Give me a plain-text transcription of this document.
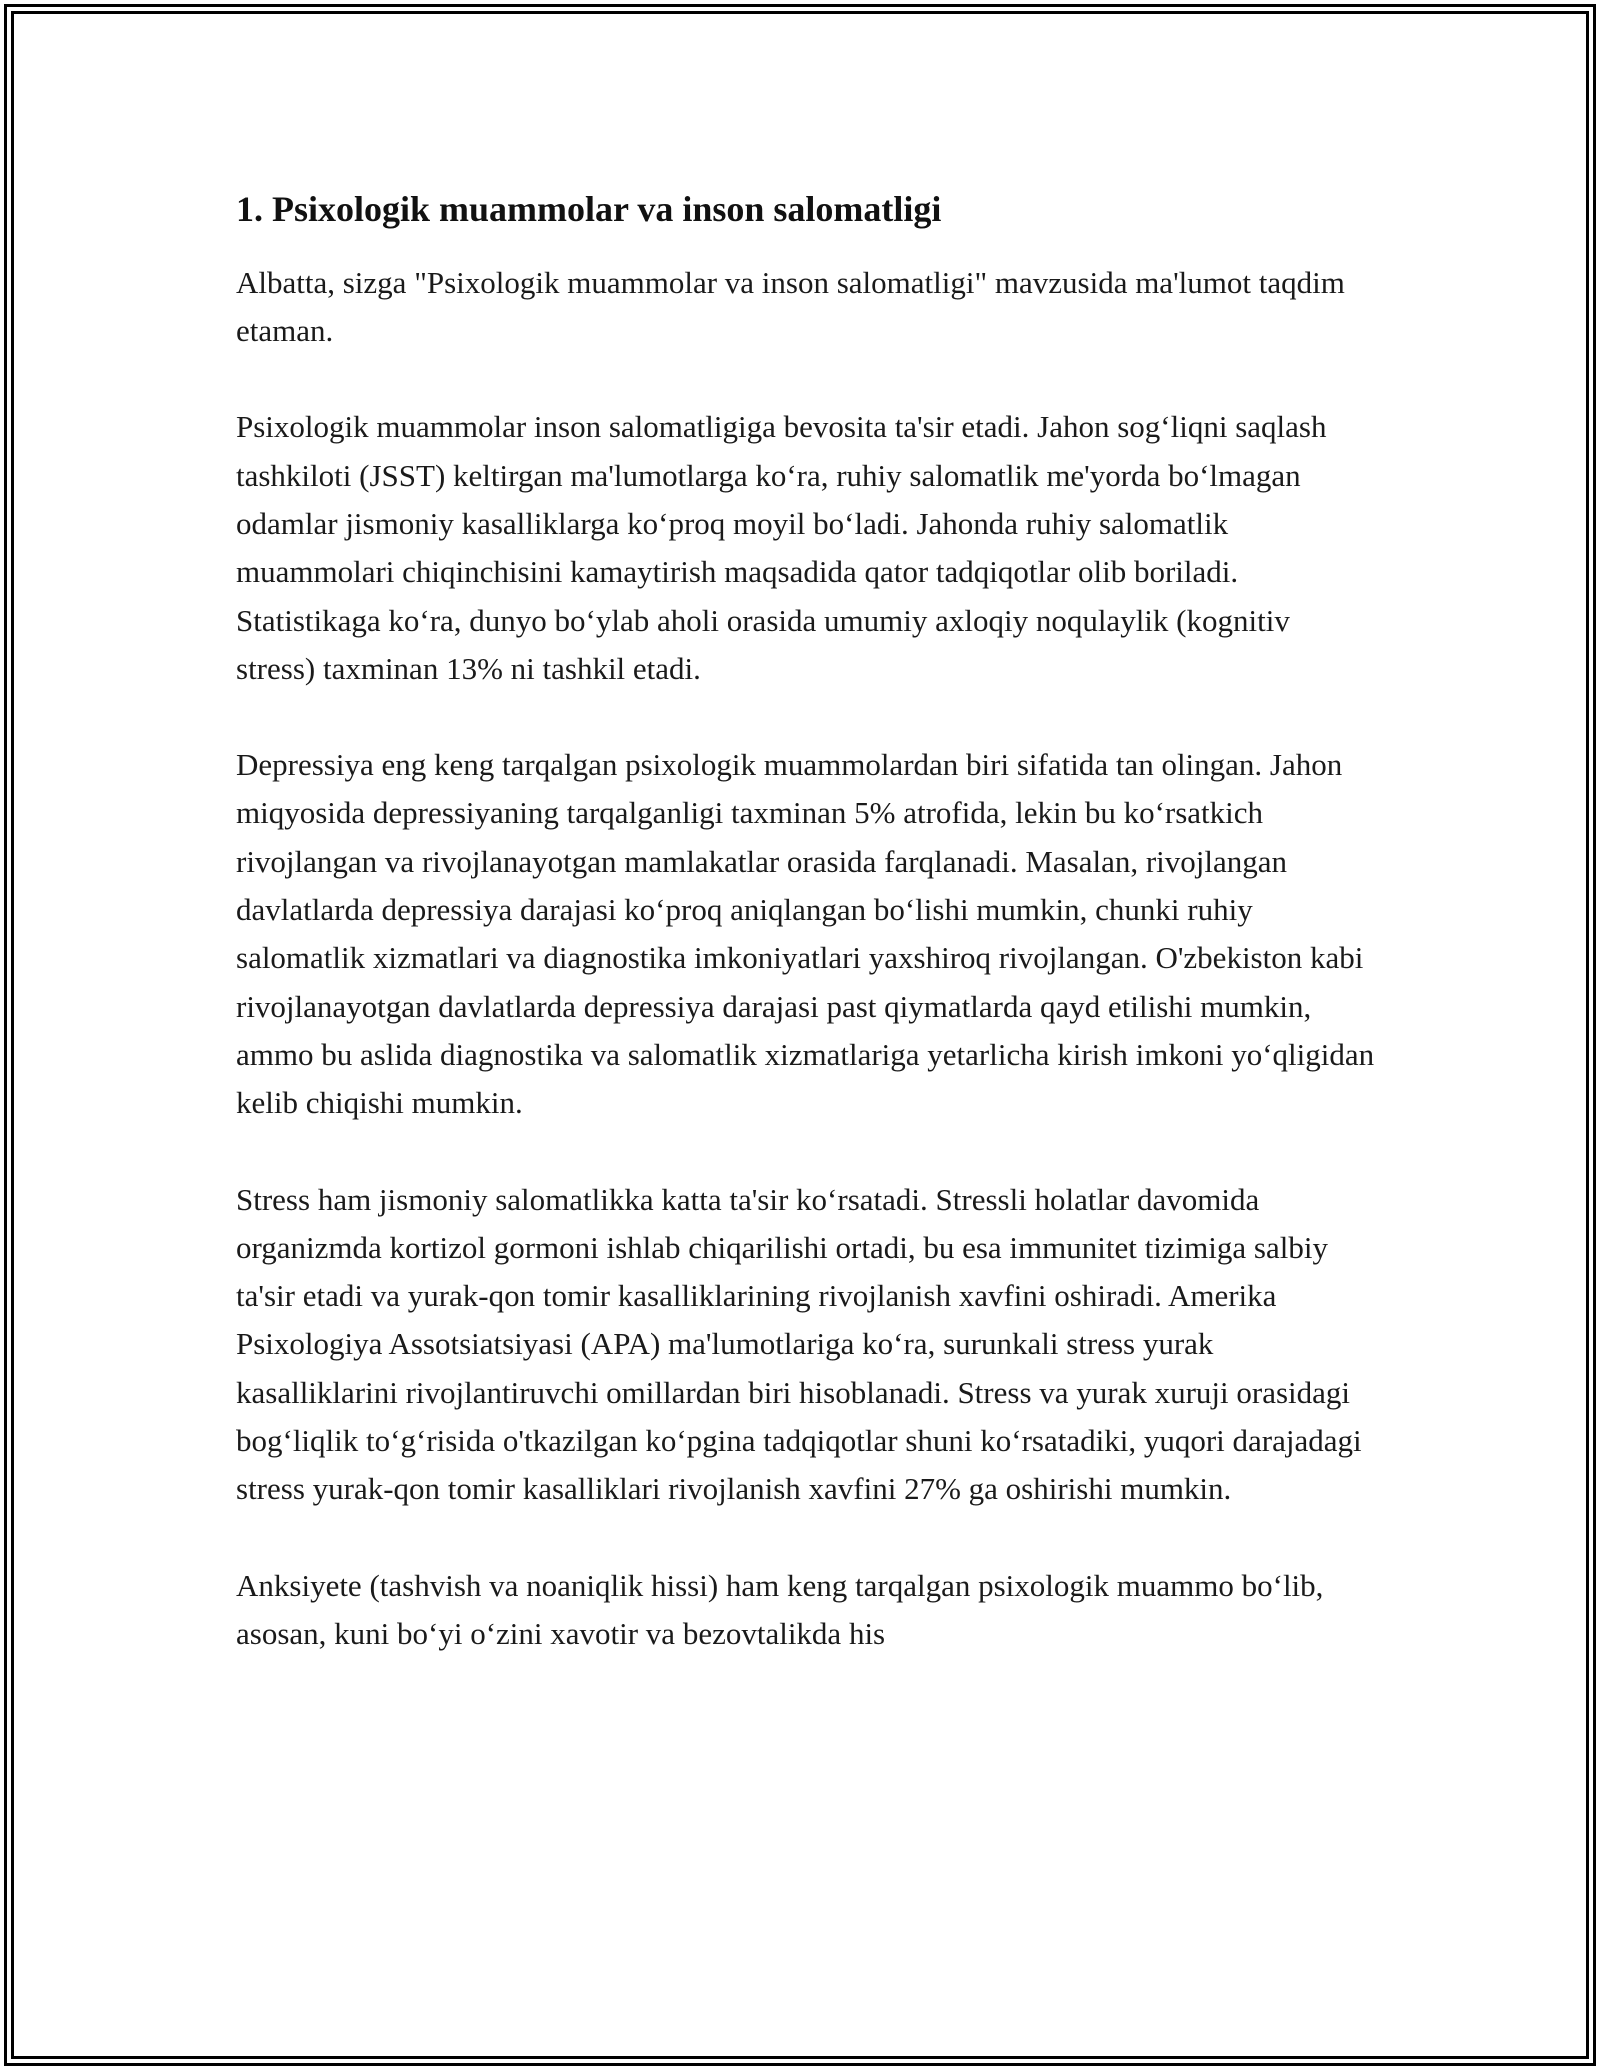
1. Psixologik muammolar va inson salomatligi

Albatta, sizga "Psixologik muammolar va inson salomatligi" mavzusida ma'lumot taqdim etaman.

Psixologik muammolar inson salomatligiga bevosita ta'sir etadi. Jahon sog‘liqni saqlash tashkiloti (JSST) keltirgan ma'lumotlarga ko‘ra, ruhiy salomatlik me'yorda bo‘lmagan odamlar jismoniy kasalliklarga ko‘proq moyil bo‘ladi. Jahonda ruhiy salomatlik muammolari chiqinchisini kamaytirish maqsadida qator tadqiqotlar olib boriladi. Statistikaga ko‘ra, dunyo bo‘ylab aholi orasida umumiy axloqiy noqulaylik (kognitiv stress) taxminan 13% ni tashkil etadi.

Depressiya eng keng tarqalgan psixologik muammolardan biri sifatida tan olingan. Jahon miqyosida depressiyaning tarqalganligi taxminan 5% atrofida, lekin bu ko‘rsatkich rivojlangan va rivojlanayotgan mamlakatlar orasida farqlanadi. Masalan, rivojlangan davlatlarda depressiya darajasi ko‘proq aniqlangan bo‘lishi mumkin, chunki ruhiy salomatlik xizmatlari va diagnostika imkoniyatlari yaxshiroq rivojlangan. O'zbekiston kabi rivojlanayotgan davlatlarda depressiya darajasi past qiymatlarda qayd etilishi mumkin, ammo bu aslida diagnostika va salomatlik xizmatlariga yetarlicha kirish imkoni yo‘qligidan kelib chiqishi mumkin.

Stress ham jismoniy salomatlikka katta ta'sir ko‘rsatadi. Stressli holatlar davomida organizmda kortizol gormoni ishlab chiqarilishi ortadi, bu esa immunitet tizimiga salbiy ta'sir etadi va yurak-qon tomir kasalliklarining rivojlanish xavfini oshiradi. Amerika Psixologiya Assotsiatsiyasi (APA) ma'lumotlariga ko‘ra, surunkali stress yurak kasalliklarini rivojlantiruvchi omillardan biri hisoblanadi. Stress va yurak xuruji orasidagi bog‘liqlik to‘g‘risida o'tkazilgan ko‘pgina tadqiqotlar shuni ko‘rsatadiki, yuqori darajadagi stress yurak-qon tomir kasalliklari rivojlanish xavfini 27% ga oshirishi mumkin.

Anksiyete (tashvish va noaniqlik hissi) ham keng tarqalgan psixologik muammo bo‘lib, asosan, kuni bo‘yi o‘zini xavotir va bezovtalikda his
